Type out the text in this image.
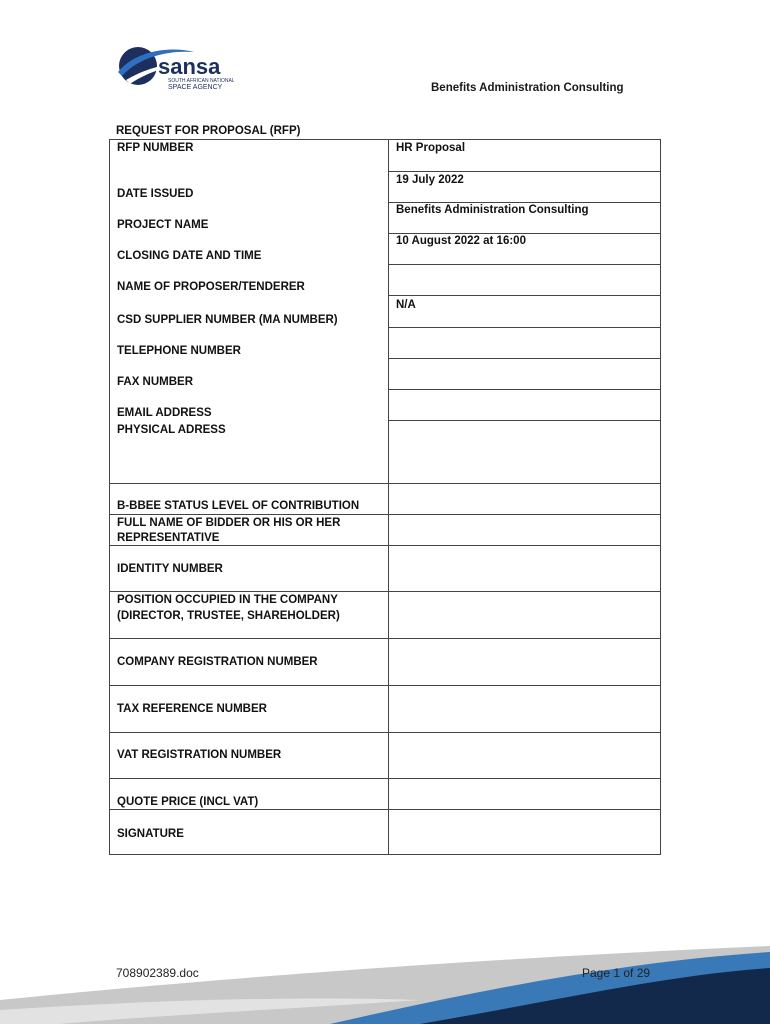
sansa
SOUTH AFRICAN NATIONAL
SPACE AGENCY	Benefits Administration Consulting
REQUEST FOR PROPOSAL (RFP)
RFP NUMBER
DATE ISSUED
PROJECT NAME
CLOSING DATE AND TIME
NAME OF PROPOSER/TENDERER
CSD SUPPLIER NUMBER (MA NUMBER)
TELEPHONE NUMBER
FAX NUMBER
EMAIL ADDRESS
PHYSICAL ADRESS
B-BBEE STATUS LEVEL OF CONTRIBUTION
FULL NAME OF BIDDER OR HIS OR HER
REPRESENTATIVE
IDENTITY NUMBER
POSITION OCCUPIED IN THE COMPANY
(DIRECTOR, TRUSTEE, SHAREHOLDER)
COMPANY REGISTRATION NUMBER
TAX REFERENCE NUMBER
VAT REGISTRATION NUMBER
QUOTE PRICE (INCL VAT)
SIGNATURE
HR Proposal
19 July 2022
Benefits Administration Consulting
10 August 2022 at 16:00
N/A
708902389.doc	Page 1 of 29
